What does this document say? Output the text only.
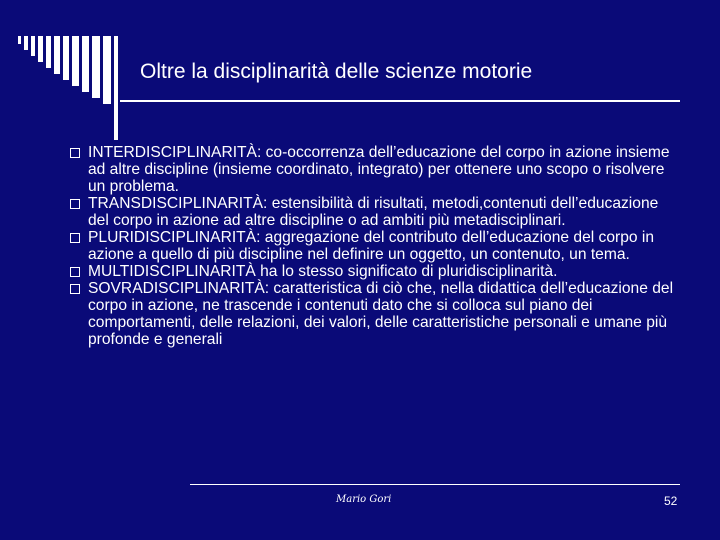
Oltre la disciplinarità delle scienze motorie
INTERDISCIPLINARITÀ: co-occorrenza dell’educazione del corpo in azione insieme ad altre discipline (insieme coordinato, integrato) per ottenere uno scopo o risolvere un problema.
TRANSDISCIPLINARITÀ: estensibilità di risultati, metodi,contenuti dell’educazione del corpo in azione ad altre discipline o ad ambiti più metadisciplinari.
PLURIDISCIPLINARITÀ: aggregazione del contributo dell’educazione del corpo in azione a quello di più discipline nel definire un oggetto, un contenuto, un tema.
MULTIDISCIPLINARITÀ ha lo stesso significato di pluridisciplinarità.
SOVRADISCIPLINARITÀ: caratteristica di ciò che, nella didattica dell’educazione del corpo in azione, ne trascende i contenuti dato che si colloca sul piano dei comportamenti, delle relazioni, dei valori, delle caratteristiche personali e umane più profonde e generali
Mario Gori	52
